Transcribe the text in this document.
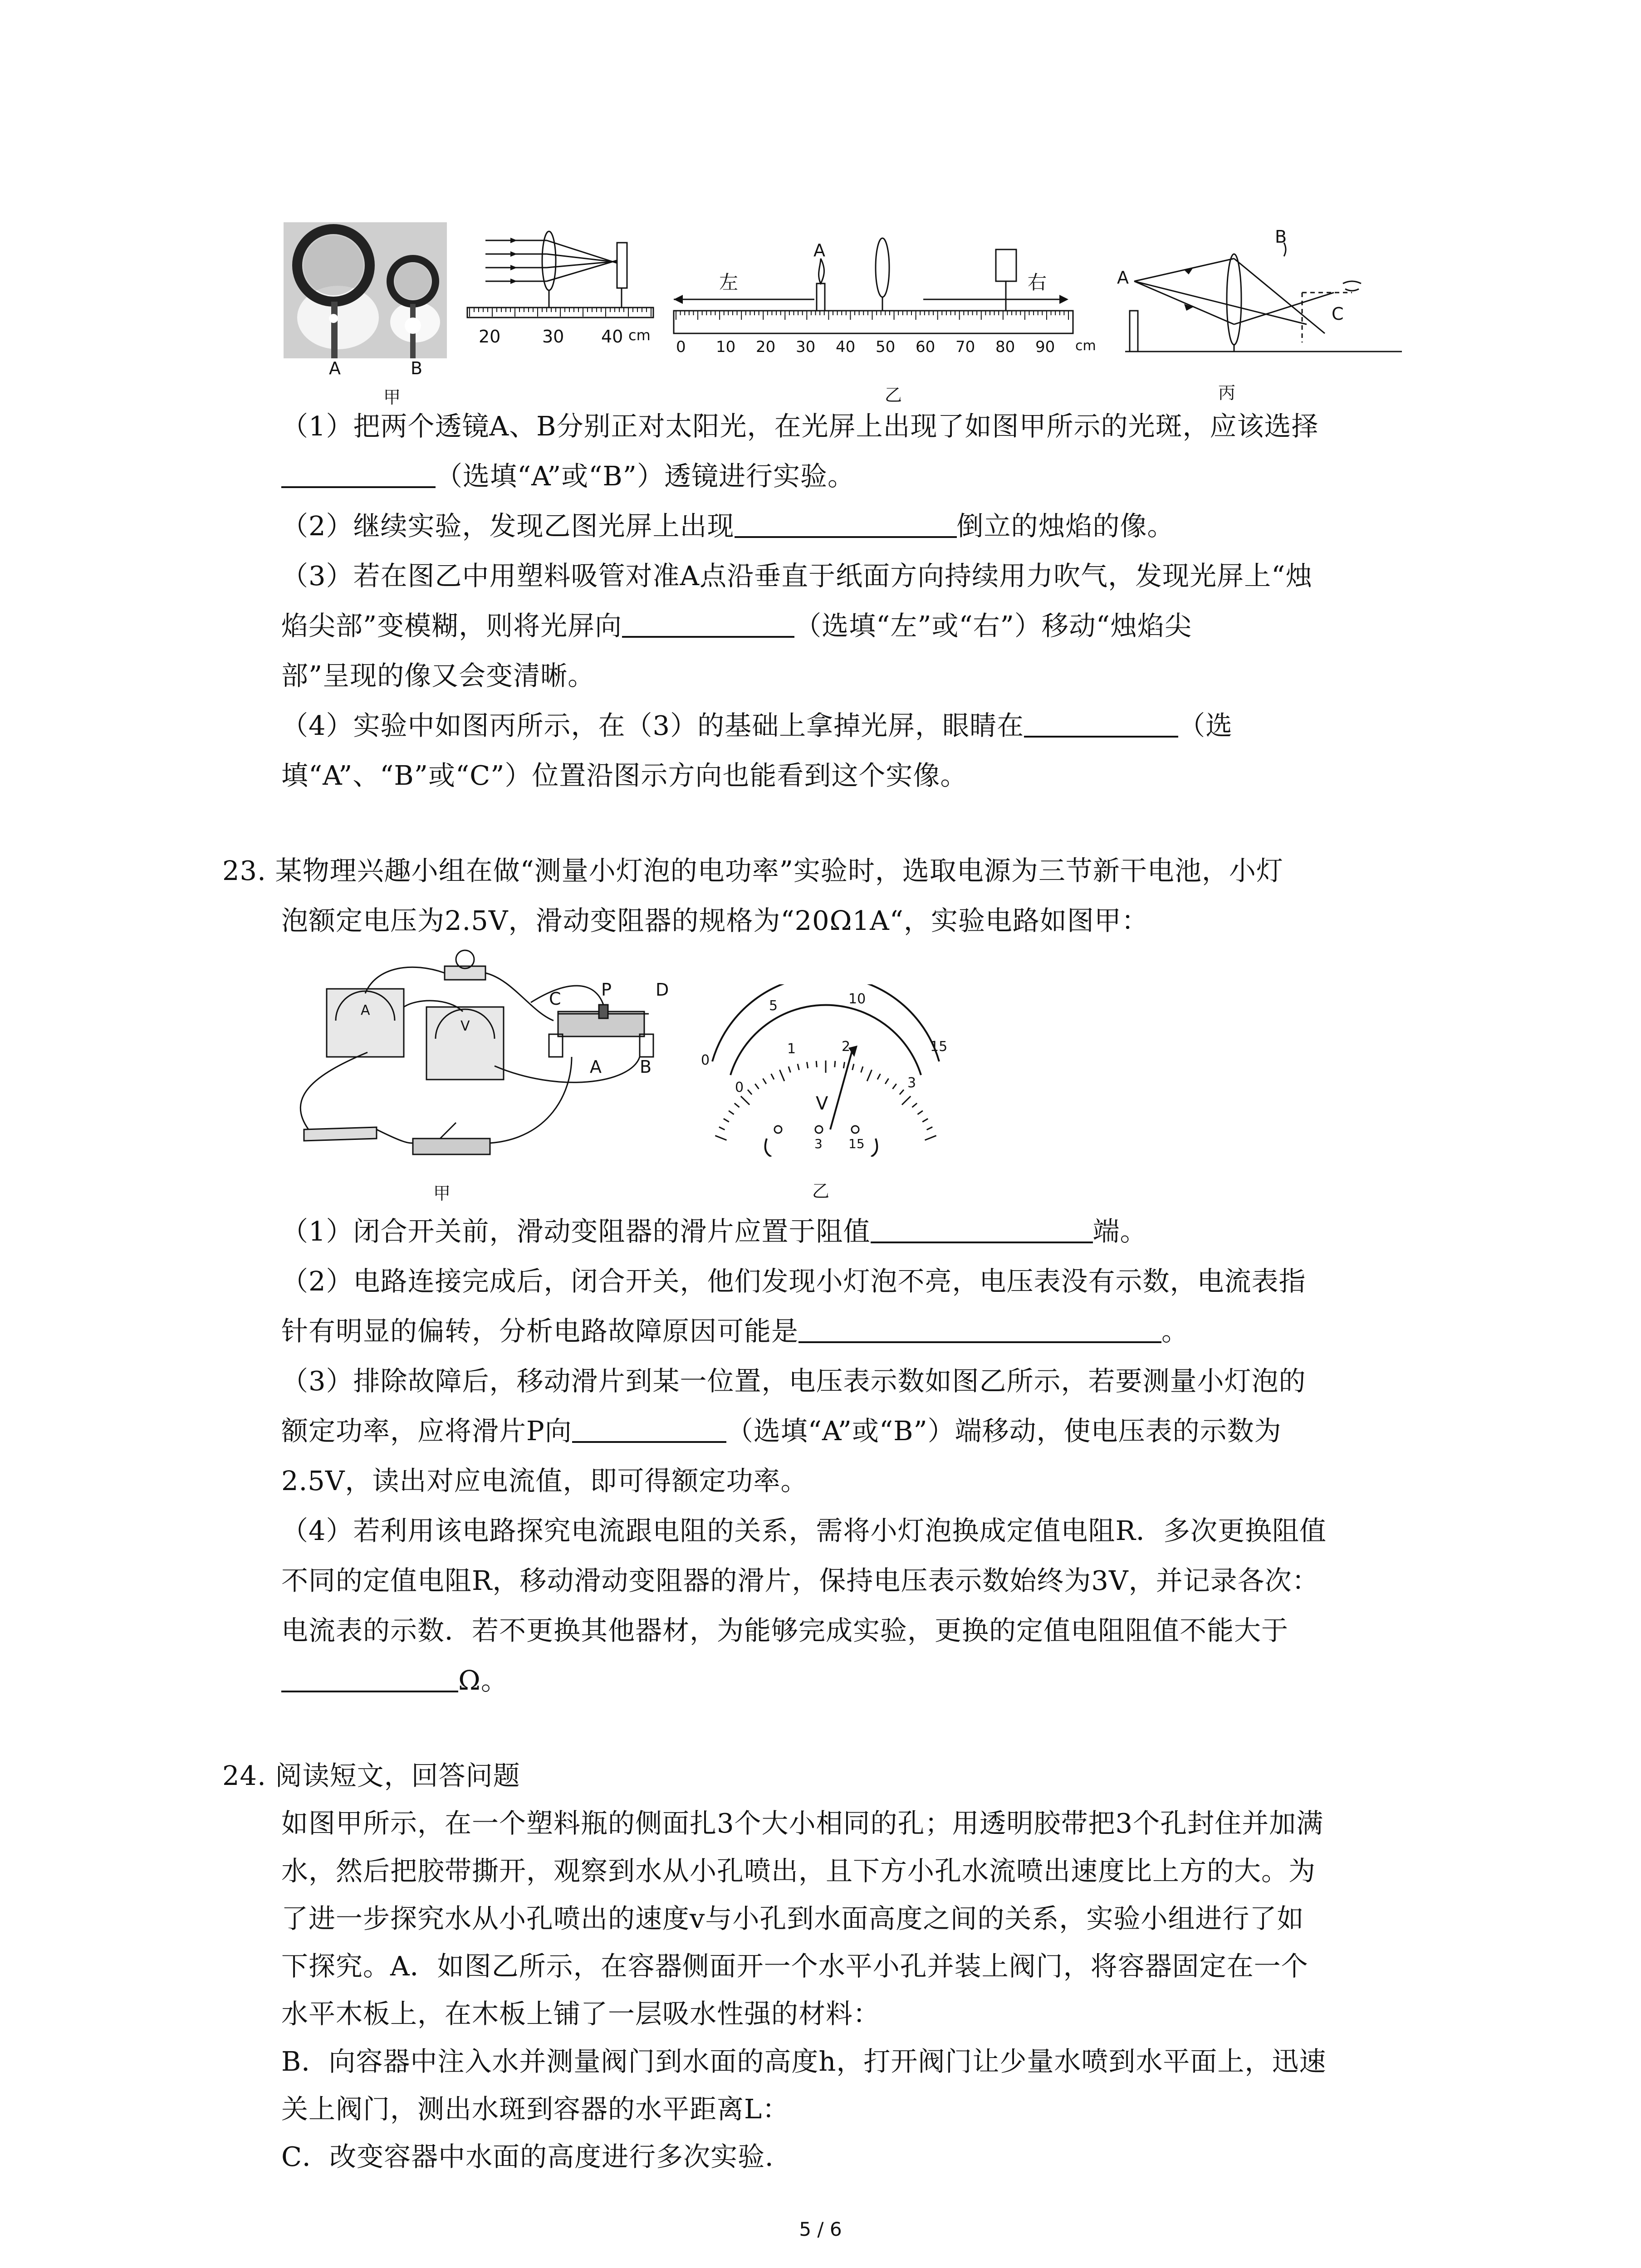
A	B
甲
20 30 40 cm
左	右
A
0 10 20 30 40 50 60 70 80 90 cm
乙
A
B
C
丙
（1）把两个透镜A、B分别正对太阳光，在光屏上出现了如图甲所示的光斑，应该选择
（选填“A”或“B”）透镜进行实验。
（2）继续实验，发现乙图光屏上出现	倒立的烛焰的像。
（3）若在图乙中用塑料吸管对准A点沿垂直于纸面方向持续用力吹气，发现光屏上“烛
焰尖部”变模糊，则将光屏向	（选填“左”或“右”）移动“烛焰尖
部”呈现的像又会变清晰。
（4）实验中如图丙所示，在（3）的基础上拿掉光屏，眼睛在	（选
填“A”、“B”或“C”）位置沿图示方向也能看到这个实像。
23. 某物理兴趣小组在做“测量小灯泡的电功率”实验时，选取电源为三节新干电池，小灯
泡额定电压为2.5V，滑动变阻器的规格为“20Ω1A“，实验电路如图甲：
C P	D
A B
A
V
甲
0
5	10
15
0
1	2
3
V
3 15
乙
（1）闭合开关前，滑动变阻器的滑片应置于阻值	端。
（2）电路连接完成后，闭合开关，他们发现小灯泡不亮，电压表没有示数，电流表指
针有明显的偏转，分析电路故障原因可能是	。
（3）排除故障后，移动滑片到某一位置，电压表示数如图乙所示，若要测量小灯泡的
额定功率，应将滑片P向	（选填“A”或“B”）端移动，使电压表的示数为
2.5V，读出对应电流值，即可得额定功率。
（4）若利用该电路探究电流跟电阻的关系，需将小灯泡换成定值电阻R．多次更换阻值
不同的定值电阻R，移动滑动变阻器的滑片，保持电压表示数始终为3V，并记录各次：
电流表的示数．若不更换其他器材，为能够完成实验，更换的定值电阻阻值不能大于
Ω。
24. 阅读短文，回答问题
如图甲所示，在一个塑料瓶的侧面扎3个大小相同的孔；用透明胶带把3个孔封住并加满
水，然后把胶带撕开，观察到水从小孔喷出，且下方小孔水流喷出速度比上方的大。为
了进一步探究水从小孔喷出的速度v与小孔到水面高度之间的关系，实验小组进行了如
下探究。A．如图乙所示，在容器侧面开一个水平小孔并装上阀门，将容器固定在一个
水平木板上，在木板上铺了一层吸水性强的材料：
B．向容器中注入水并测量阀门到水面的高度h，打开阀门让少量水喷到水平面上，迅速
关上阀门，测出水斑到容器的水平距离L：
C．改变容器中水面的高度进行多次实验．
5 / 6
